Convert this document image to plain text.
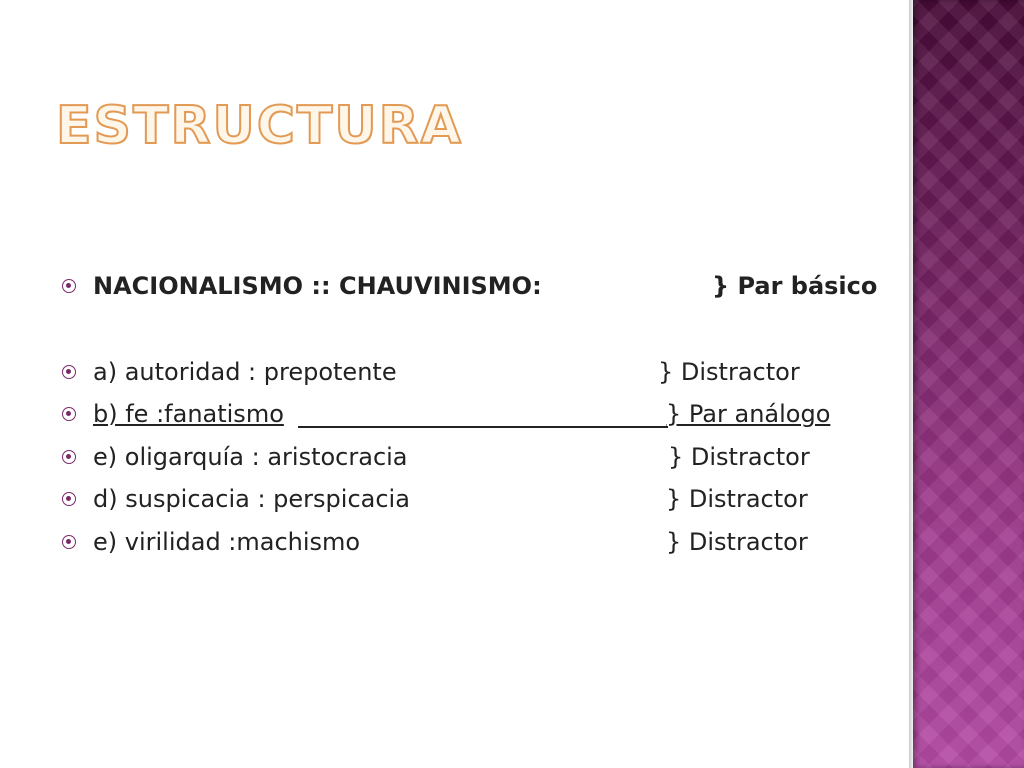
ESTRUCTURA
NACIONALISMO :: CHAUVINISMO:	} Par básico
a) autoridad : prepotente	} Distractor
b) fe :fanatismo	} Par análogo
e) oligarquía : aristocracia	} Distractor
d) suspicacia : perspicacia	} Distractor
e) virilidad :machismo	} Distractor
